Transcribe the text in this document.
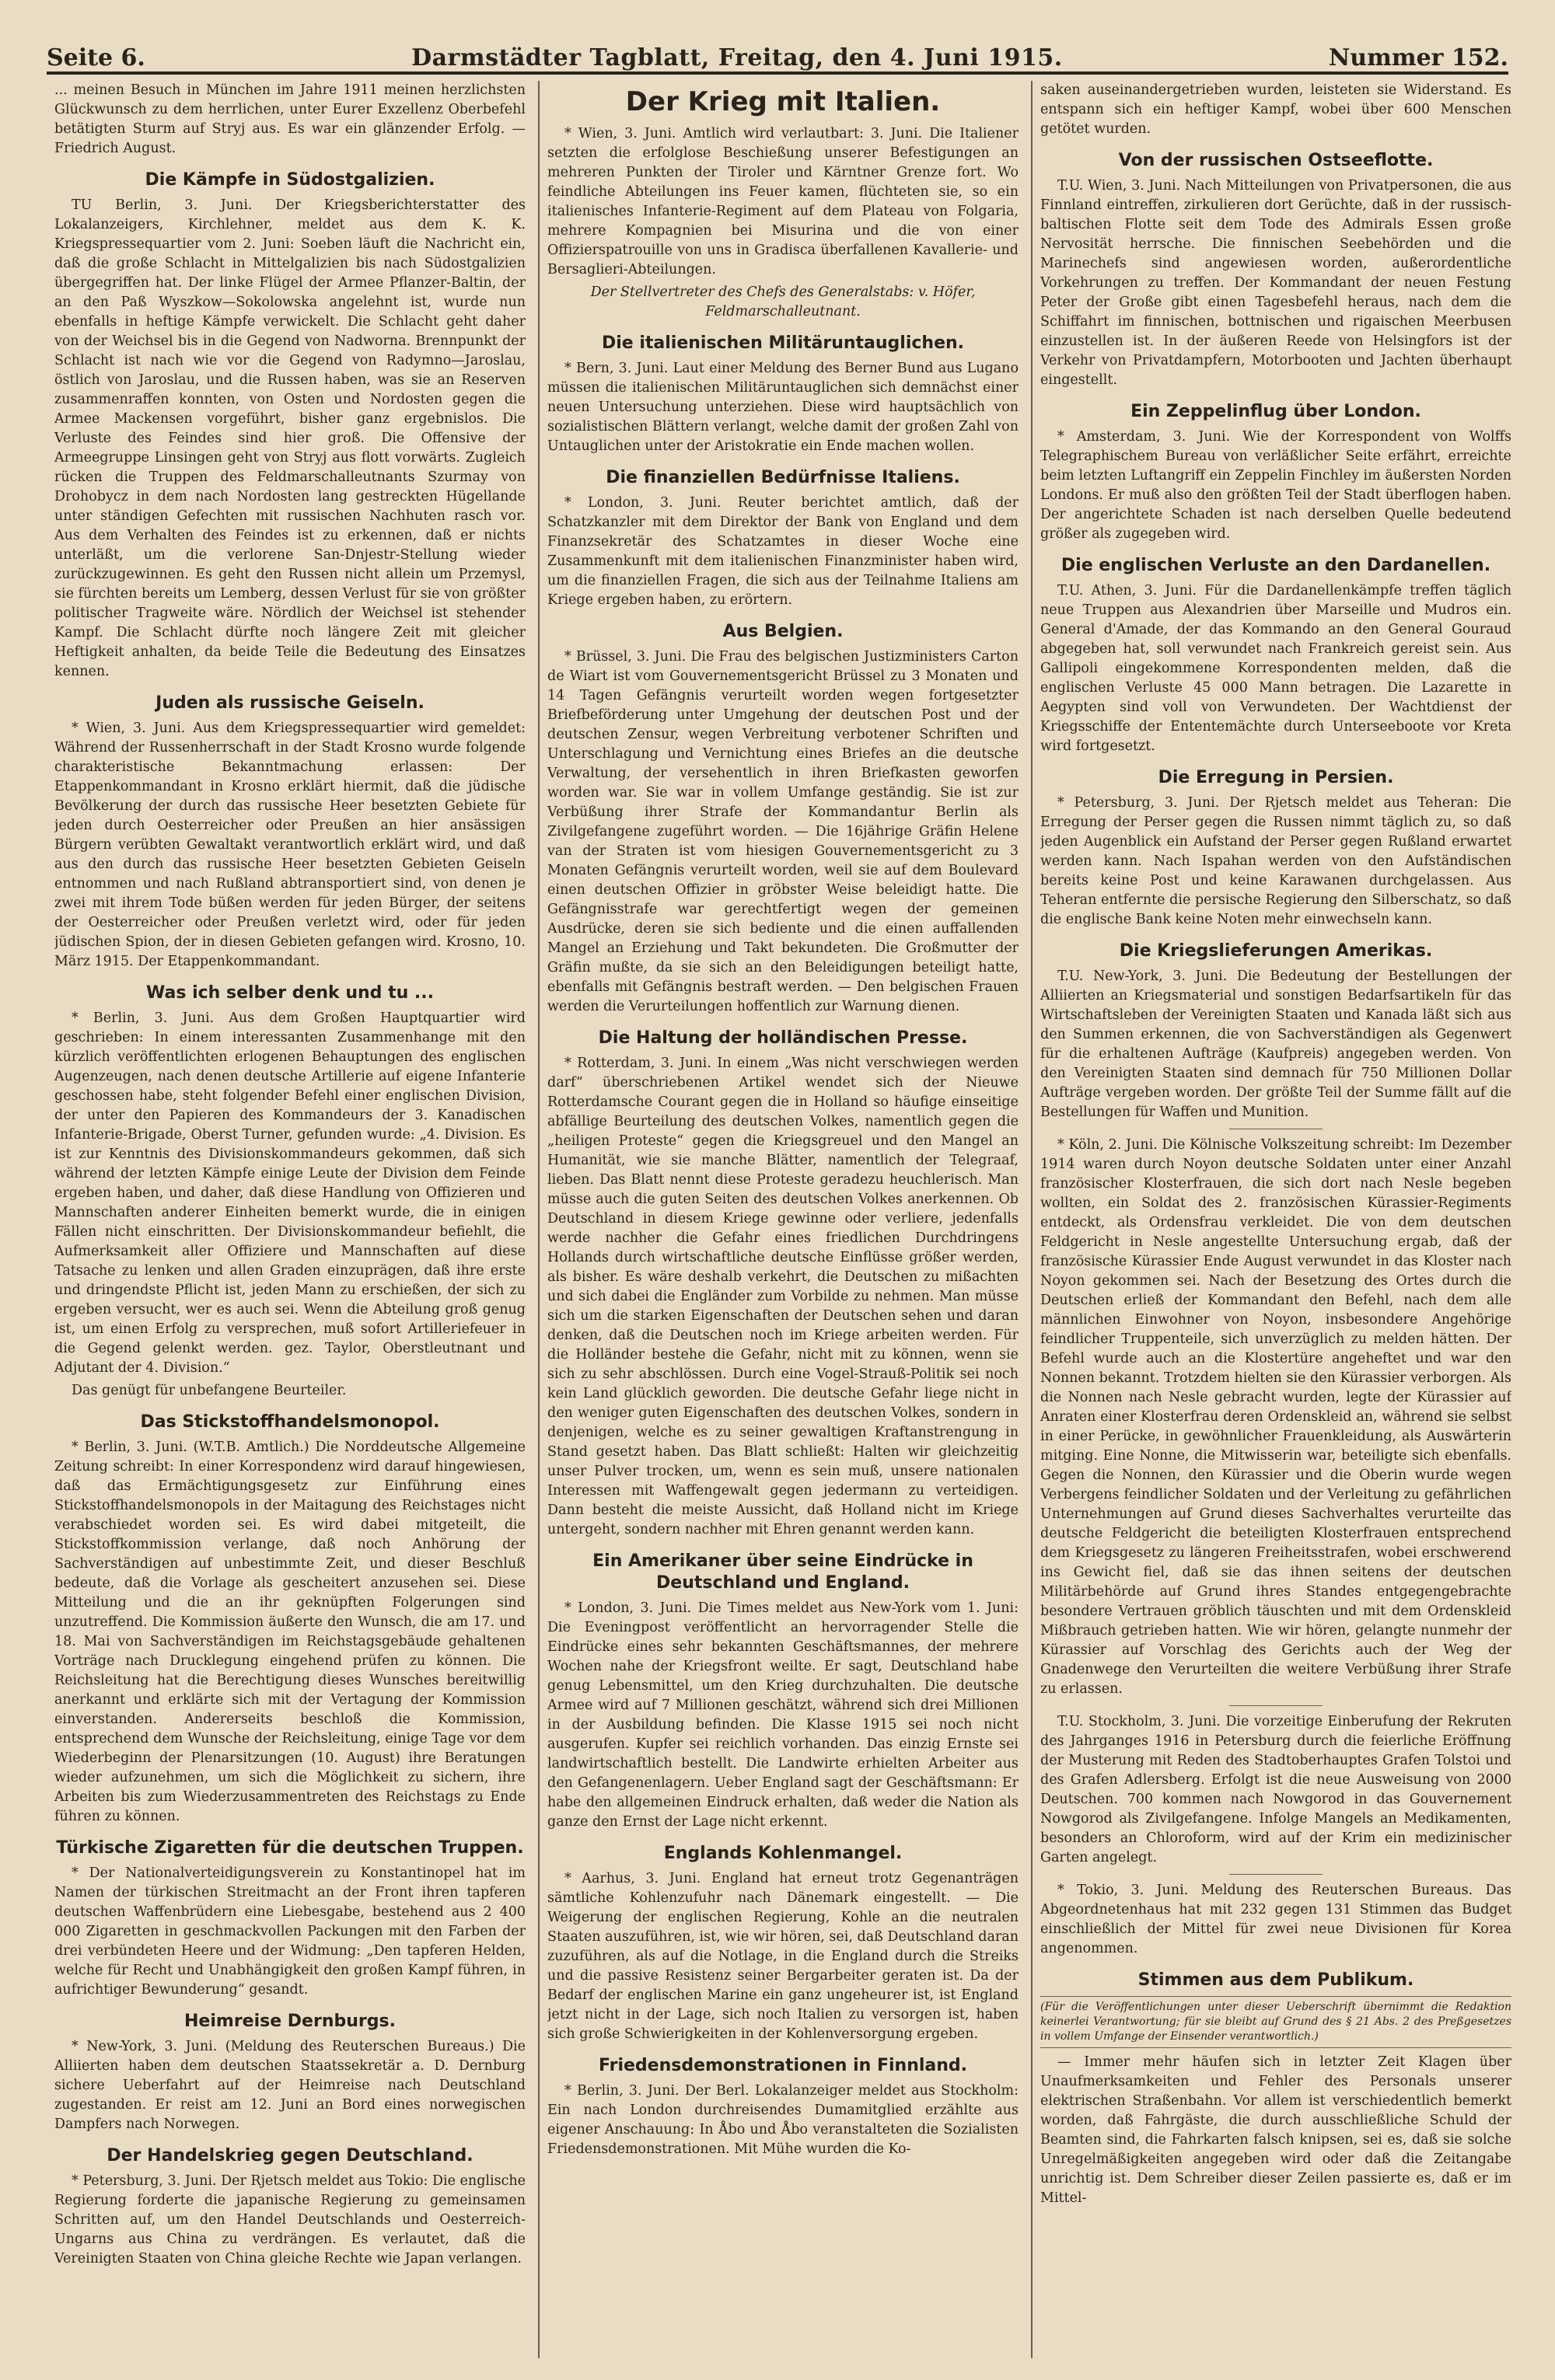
Seite 6.	Darmstädter Tagblatt, Freitag, den 4. Juni 1915.	Nummer 152.

... meinen Besuch in München im Jahre 1911 meinen herzlichsten Glückwunsch zu dem herrlichen, unter Eurer Exzellenz Oberbefehl betätigten Sturm auf Stryj aus. Es war ein glänzender Erfolg. — Friedrich August.

Die Kämpfe in Südostgalizien.

TU Berlin, 3. Juni. Der Kriegsberichterstatter des Lokalanzeigers, Kirchlehner, meldet aus dem K. K. Kriegspressequartier vom 2. Juni: Soeben läuft die Nachricht ein, daß die große Schlacht in Mittelgalizien bis nach Südostgalizien übergegriffen hat. Der linke Flügel der Armee Pflanzer-Baltin, der an den Paß Wyszkow—Sokolowska angelehnt ist, wurde nun ebenfalls in heftige Kämpfe verwickelt. Die Schlacht geht daher von der Weichsel bis in die Gegend von Nadworna. Brennpunkt der Schlacht ist nach wie vor die Gegend von Radymno—Jaroslau, östlich von Jaroslau, und die Russen haben, was sie an Reserven zusammenraffen konnten, von Osten und Nordosten gegen die Armee Mackensen vorgeführt, bisher ganz ergebnislos. Die Verluste des Feindes sind hier groß. Die Offensive der Armeegruppe Linsingen geht von Stryj aus flott vorwärts. Zugleich rücken die Truppen des Feldmarschalleutnants Szurmay von Drohobycz in dem nach Nordosten lang gestreckten Hügellande unter ständigen Gefechten mit russischen Nachhuten rasch vor. Aus dem Verhalten des Feindes ist zu erkennen, daß er nichts unterläßt, um die verlorene San-Dnjestr-Stellung wieder zurückzugewinnen. Es geht den Russen nicht allein um Przemysl, sie fürchten bereits um Lemberg, dessen Verlust für sie von größter politischer Tragweite wäre. Nördlich der Weichsel ist stehender Kampf. Die Schlacht dürfte noch längere Zeit mit gleicher Heftigkeit anhalten, da beide Teile die Bedeutung des Einsatzes kennen.

Juden als russische Geiseln.

* Wien, 3. Juni. Aus dem Kriegspressequartier wird gemeldet: Während der Russenherrschaft in der Stadt Krosno wurde folgende charakteristische Bekanntmachung erlassen: Der Etappenkommandant in Krosno erklärt hiermit, daß die jüdische Bevölkerung der durch das russische Heer besetzten Gebiete für jeden durch Oesterreicher oder Preußen an hier ansässigen Bürgern verübten Gewaltakt verantwortlich erklärt wird, und daß aus den durch das russische Heer besetzten Gebieten Geiseln entnommen und nach Rußland abtransportiert sind, von denen je zwei mit ihrem Tode büßen werden für jeden Bürger, der seitens der Oesterreicher oder Preußen verletzt wird, oder für jeden jüdischen Spion, der in diesen Gebieten gefangen wird. Krosno, 10. März 1915. Der Etappenkommandant.

Was ich selber denk und tu ...

* Berlin, 3. Juni. Aus dem Großen Hauptquartier wird geschrieben: In einem interessanten Zusammenhange mit den kürzlich veröffentlichten erlogenen Behauptungen des englischen Augenzeugen, nach denen deutsche Artillerie auf eigene Infanterie geschossen habe, steht folgender Befehl einer englischen Division, der unter den Papieren des Kommandeurs der 3. Kanadischen Infanterie-Brigade, Oberst Turner, gefunden wurde: „4. Division. Es ist zur Kenntnis des Divisionskommandeurs gekommen, daß sich während der letzten Kämpfe einige Leute der Division dem Feinde ergeben haben, und daher, daß diese Handlung von Offizieren und Mannschaften anderer Einheiten bemerkt wurde, die in einigen Fällen nicht einschritten. Der Divisionskommandeur befiehlt, die Aufmerksamkeit aller Offiziere und Mannschaften auf diese Tatsache zu lenken und allen Graden einzuprägen, daß ihre erste und dringendste Pflicht ist, jeden Mann zu erschießen, der sich zu ergeben versucht, wer es auch sei. Wenn die Abteilung groß genug ist, um einen Erfolg zu versprechen, muß sofort Artilleriefeuer in die Gegend gelenkt werden. gez. Taylor, Oberstleutnant und Adjutant der 4. Division.“

Das genügt für unbefangene Beurteiler.

Das Stickstoffhandelsmonopol.

* Berlin, 3. Juni. (W.T.B. Amtlich.) Die Norddeutsche Allgemeine Zeitung schreibt: In einer Korrespondenz wird darauf hingewiesen, daß das Ermächtigungsgesetz zur Einführung eines Stickstoffhandelsmonopols in der Maitagung des Reichstages nicht verabschiedet worden sei. Es wird dabei mitgeteilt, die Stickstoffkommission verlange, daß noch Anhörung der Sachverständigen auf unbestimmte Zeit, und dieser Beschluß bedeute, daß die Vorlage als gescheitert anzusehen sei. Diese Mitteilung und die an ihr geknüpften Folgerungen sind unzutreffend. Die Kommission äußerte den Wunsch, die am 17. und 18. Mai von Sachverständigen im Reichstagsgebäude gehaltenen Vorträge nach Drucklegung eingehend prüfen zu können. Die Reichsleitung hat die Berechtigung dieses Wunsches bereitwillig anerkannt und erklärte sich mit der Vertagung der Kommission einverstanden. Andererseits beschloß die Kommission, entsprechend dem Wunsche der Reichsleitung, einige Tage vor dem Wiederbeginn der Plenarsitzungen (10. August) ihre Beratungen wieder aufzunehmen, um sich die Möglichkeit zu sichern, ihre Arbeiten bis zum Wiederzusammentreten des Reichstags zu Ende führen zu können.

Türkische Zigaretten für die deutschen Truppen.

* Der Nationalverteidigungsverein zu Konstantinopel hat im Namen der türkischen Streitmacht an der Front ihren tapferen deutschen Waffenbrüdern eine Liebesgabe, bestehend aus 2 400 000 Zigaretten in geschmackvollen Packungen mit den Farben der drei verbündeten Heere und der Widmung: „Den tapferen Helden, welche für Recht und Unabhängigkeit den großen Kampf führen, in aufrichtiger Bewunderung“ gesandt.

Heimreise Dernburgs.

* New-York, 3. Juni. (Meldung des Reuterschen Bureaus.) Die Alliierten haben dem deutschen Staatssekretär a. D. Dernburg sichere Ueberfahrt auf der Heimreise nach Deutschland zugestanden. Er reist am 12. Juni an Bord eines norwegischen Dampfers nach Norwegen.

Der Handelskrieg gegen Deutschland.

* Petersburg, 3. Juni. Der Rjetsch meldet aus Tokio: Die englische Regierung forderte die japanische Regierung zu gemeinsamen Schritten auf, um den Handel Deutschlands und Oesterreich-Ungarns aus China zu verdrängen. Es verlautet, daß die Vereinigten Staaten von China gleiche Rechte wie Japan verlangen.

Der Krieg mit Italien.

* Wien, 3. Juni. Amtlich wird verlautbart: 3. Juni. Die Italiener setzten die erfolglose Beschießung unserer Befestigungen an mehreren Punkten der Tiroler und Kärntner Grenze fort. Wo feindliche Abteilungen ins Feuer kamen, flüchteten sie, so ein italienisches Infanterie-Regiment auf dem Plateau von Folgaria, mehrere Kompagnien bei Misurina und die von einer Offizierspatrouille von uns in Gradisca überfallenen Kavallerie- und Bersaglieri-Abteilungen.

Der Stellvertreter des Chefs des Generalstabs: v. Höfer, Feldmarschalleutnant.

Die italienischen Militäruntauglichen.

* Bern, 3. Juni. Laut einer Meldung des Berner Bund aus Lugano müssen die italienischen Militäruntauglichen sich demnächst einer neuen Untersuchung unterziehen. Diese wird hauptsächlich von sozialistischen Blättern verlangt, welche damit der großen Zahl von Untauglichen unter der Aristokratie ein Ende machen wollen.

Die finanziellen Bedürfnisse Italiens.

* London, 3. Juni. Reuter berichtet amtlich, daß der Schatzkanzler mit dem Direktor der Bank von England und dem Finanzsekretär des Schatzamtes in dieser Woche eine Zusammenkunft mit dem italienischen Finanzminister haben wird, um die finanziellen Fragen, die sich aus der Teilnahme Italiens am Kriege ergeben haben, zu erörtern.

Aus Belgien.

* Brüssel, 3. Juni. Die Frau des belgischen Justizministers Carton de Wiart ist vom Gouvernementsgericht Brüssel zu 3 Monaten und 14 Tagen Gefängnis verurteilt worden wegen fortgesetzter Briefbeförderung unter Umgehung der deutschen Post und der deutschen Zensur, wegen Verbreitung verbotener Schriften und Unterschlagung und Vernichtung eines Briefes an die deutsche Verwaltung, der versehentlich in ihren Briefkasten geworfen worden war. Sie war in vollem Umfange geständig. Sie ist zur Verbüßung ihrer Strafe der Kommandantur Berlin als Zivilgefangene zugeführt worden. — Die 16jährige Gräfin Helene van der Straten ist vom hiesigen Gouvernementsgericht zu 3 Monaten Gefängnis verurteilt worden, weil sie auf dem Boulevard einen deutschen Offizier in gröbster Weise beleidigt hatte. Die Gefängnisstrafe war gerechtfertigt wegen der gemeinen Ausdrücke, deren sie sich bediente und die einen auffallenden Mangel an Erziehung und Takt bekundeten. Die Großmutter der Gräfin mußte, da sie sich an den Beleidigungen beteiligt hatte, ebenfalls mit Gefängnis bestraft werden. — Den belgischen Frauen werden die Verurteilungen hoffentlich zur Warnung dienen.

Die Haltung der holländischen Presse.

* Rotterdam, 3. Juni. In einem „Was nicht verschwiegen werden darf“ überschriebenen Artikel wendet sich der Nieuwe Rotterdamsche Courant gegen die in Holland so häufige einseitige abfällige Beurteilung des deutschen Volkes, namentlich gegen die „heiligen Proteste“ gegen die Kriegsgreuel und den Mangel an Humanität, wie sie manche Blätter, namentlich der Telegraaf, lieben. Das Blatt nennt diese Proteste geradezu heuchlerisch. Man müsse auch die guten Seiten des deutschen Volkes anerkennen. Ob Deutschland in diesem Kriege gewinne oder verliere, jedenfalls werde nachher die Gefahr eines friedlichen Durchdringens Hollands durch wirtschaftliche deutsche Einflüsse größer werden, als bisher. Es wäre deshalb verkehrt, die Deutschen zu mißachten und sich dabei die Engländer zum Vorbilde zu nehmen. Man müsse sich um die starken Eigenschaften der Deutschen sehen und daran denken, daß die Deutschen noch im Kriege arbeiten werden. Für die Holländer bestehe die Gefahr, nicht mit zu können, wenn sie sich zu sehr abschlössen. Durch eine Vogel-Strauß-Politik sei noch kein Land glücklich geworden. Die deutsche Gefahr liege nicht in den weniger guten Eigenschaften des deutschen Volkes, sondern in denjenigen, welche es zu seiner gewaltigen Kraftanstrengung in Stand gesetzt haben. Das Blatt schließt: Halten wir gleichzeitig unser Pulver trocken, um, wenn es sein muß, unsere nationalen Interessen mit Waffengewalt gegen jedermann zu verteidigen. Dann besteht die meiste Aussicht, daß Holland nicht im Kriege untergeht, sondern nachher mit Ehren genannt werden kann.

Ein Amerikaner über seine Eindrücke in Deutschland und England.

* London, 3. Juni. Die Times meldet aus New-York vom 1. Juni: Die Eveningpost veröffentlicht an hervorragender Stelle die Eindrücke eines sehr bekannten Geschäftsmannes, der mehrere Wochen nahe der Kriegsfront weilte. Er sagt, Deutschland habe genug Lebensmittel, um den Krieg durchzuhalten. Die deutsche Armee wird auf 7 Millionen geschätzt, während sich drei Millionen in der Ausbildung befinden. Die Klasse 1915 sei noch nicht ausgerufen. Kupfer sei reichlich vorhanden. Das einzig Ernste sei landwirtschaftlich bestellt. Die Landwirte erhielten Arbeiter aus den Gefangenenlagern. Ueber England sagt der Geschäftsmann: Er habe den allgemeinen Eindruck erhalten, daß weder die Nation als ganze den Ernst der Lage nicht erkennt.

Englands Kohlenmangel.

* Aarhus, 3. Juni. England hat erneut trotz Gegenanträgen sämtliche Kohlenzufuhr nach Dänemark eingestellt. — Die Weigerung der englischen Regierung, Kohle an die neutralen Staaten auszuführen, ist, wie wir hören, sei, daß Deutschland daran zuzuführen, als auf die Notlage, in die England durch die Streiks und die passive Resistenz seiner Bergarbeiter geraten ist. Da der Bedarf der englischen Marine ein ganz ungeheurer ist, ist England jetzt nicht in der Lage, sich noch Italien zu versorgen ist, haben sich große Schwierigkeiten in der Kohlenversorgung ergeben.

Friedensdemonstrationen in Finnland.

* Berlin, 3. Juni. Der Berl. Lokalanzeiger meldet aus Stockholm: Ein nach London durchreisendes Dumamitglied erzählte aus eigener Anschauung: In Åbo und Åbo veranstalteten die Sozialisten Friedensdemonstrationen. Mit Mühe wurden die Ko-

saken auseinandergetrieben wurden, leisteten sie Widerstand. Es entspann sich ein heftiger Kampf, wobei über 600 Menschen getötet wurden.

Von der russischen Ostseeflotte.

T.U. Wien, 3. Juni. Nach Mitteilungen von Privatpersonen, die aus Finnland eintreffen, zirkulieren dort Gerüchte, daß in der russisch-baltischen Flotte seit dem Tode des Admirals Essen große Nervosität herrsche. Die finnischen Seebehörden und die Marinechefs sind angewiesen worden, außerordentliche Vorkehrungen zu treffen. Der Kommandant der neuen Festung Peter der Große gibt einen Tagesbefehl heraus, nach dem die Schiffahrt im finnischen, bottnischen und rigaischen Meerbusen einzustellen ist. In der äußeren Reede von Helsingfors ist der Verkehr von Privatdampfern, Motorbooten und Jachten überhaupt eingestellt.

Ein Zeppelinflug über London.

* Amsterdam, 3. Juni. Wie der Korrespondent von Wolffs Telegraphischem Bureau von verläßlicher Seite erfährt, erreichte beim letzten Luftangriff ein Zeppelin Finchley im äußersten Norden Londons. Er muß also den größten Teil der Stadt überflogen haben. Der angerichtete Schaden ist nach derselben Quelle bedeutend größer als zugegeben wird.

Die englischen Verluste an den Dardanellen.

T.U. Athen, 3. Juni. Für die Dardanellenkämpfe treffen täglich neue Truppen aus Alexandrien über Marseille und Mudros ein. General d'Amade, der das Kommando an den General Gouraud abgegeben hat, soll verwundet nach Frankreich gereist sein. Aus Gallipoli eingekommene Korrespondenten melden, daß die englischen Verluste 45 000 Mann betragen. Die Lazarette in Aegypten sind voll von Verwundeten. Der Wachtdienst der Kriegsschiffe der Ententemächte durch Unterseeboote vor Kreta wird fortgesetzt.

Die Erregung in Persien.

* Petersburg, 3. Juni. Der Rjetsch meldet aus Teheran: Die Erregung der Perser gegen die Russen nimmt täglich zu, so daß jeden Augenblick ein Aufstand der Perser gegen Rußland erwartet werden kann. Nach Ispahan werden von den Aufständischen bereits keine Post und keine Karawanen durchgelassen. Aus Teheran entfernte die persische Regierung den Silberschatz, so daß die englische Bank keine Noten mehr einwechseln kann.

Die Kriegslieferungen Amerikas.

T.U. New-York, 3. Juni. Die Bedeutung der Bestellungen der Alliierten an Kriegsmaterial und sonstigen Bedarfsartikeln für das Wirtschaftsleben der Vereinigten Staaten und Kanada läßt sich aus den Summen erkennen, die von Sachverständigen als Gegenwert für die erhaltenen Aufträge (Kaufpreis) angegeben werden. Von den Vereinigten Staaten sind demnach für 750 Millionen Dollar Aufträge vergeben worden. Der größte Teil der Summe fällt auf die Bestellungen für Waffen und Munition.

* Köln, 2. Juni. Die Kölnische Volkszeitung schreibt: Im Dezember 1914 waren durch Noyon deutsche Soldaten unter einer Anzahl französischer Klosterfrauen, die sich dort nach Nesle begeben wollten, ein Soldat des 2. französischen Kürassier-Regiments entdeckt, als Ordensfrau verkleidet. Die von dem deutschen Feldgericht in Nesle angestellte Untersuchung ergab, daß der französische Kürassier Ende August verwundet in das Kloster nach Noyon gekommen sei. Nach der Besetzung des Ortes durch die Deutschen erließ der Kommandant den Befehl, nach dem alle männlichen Einwohner von Noyon, insbesondere Angehörige feindlicher Truppenteile, sich unverzüglich zu melden hätten. Der Befehl wurde auch an die Klostertüre angeheftet und war den Nonnen bekannt. Trotzdem hielten sie den Kürassier verborgen. Als die Nonnen nach Nesle gebracht wurden, legte der Kürassier auf Anraten einer Klosterfrau deren Ordenskleid an, während sie selbst in einer Perücke, in gewöhnlicher Frauenkleidung, als Auswärterin mitging. Eine Nonne, die Mitwisserin war, beteiligte sich ebenfalls. Gegen die Nonnen, den Kürassier und die Oberin wurde wegen Verbergens feindlicher Soldaten und der Verleitung zu gefährlichen Unternehmungen auf Grund dieses Sachverhaltes verurteilte das deutsche Feldgericht die beteiligten Klosterfrauen entsprechend dem Kriegsgesetz zu längeren Freiheitsstrafen, wobei erschwerend ins Gewicht fiel, daß sie das ihnen seitens der deutschen Militärbehörde auf Grund ihres Standes entgegengebrachte besondere Vertrauen gröblich täuschten und mit dem Ordenskleid Mißbrauch getrieben hatten. Wie wir hören, gelangte nunmehr der Kürassier auf Vorschlag des Gerichts auch der Weg der Gnadenwege den Verurteilten die weitere Verbüßung ihrer Strafe zu erlassen.

T.U. Stockholm, 3. Juni. Die vorzeitige Einberufung der Rekruten des Jahrganges 1916 in Petersburg durch die feierliche Eröffnung der Musterung mit Reden des Stadtoberhauptes Grafen Tolstoi und des Grafen Adlersberg. Erfolgt ist die neue Ausweisung von 2000 Deutschen. 700 kommen nach Nowgorod in das Gouvernement Nowgorod als Zivilgefangene. Infolge Mangels an Medikamenten, besonders an Chloroform, wird auf der Krim ein medizinischer Garten angelegt.

* Tokio, 3. Juni. Meldung des Reuterschen Bureaus. Das Abgeordnetenhaus hat mit 232 gegen 131 Stimmen das Budget einschließlich der Mittel für zwei neue Divisionen für Korea angenommen.

Stimmen aus dem Publikum.

(Für die Veröffentlichungen unter dieser Ueberschrift übernimmt die Redaktion keinerlei Verantwortung; für sie bleibt auf Grund des § 21 Abs. 2 des Preßgesetzes in vollem Umfange der Einsender verantwortlich.)

— Immer mehr häufen sich in letzter Zeit Klagen über Unaufmerksamkeiten und Fehler des Personals unserer elektrischen Straßenbahn. Vor allem ist verschiedentlich bemerkt worden, daß Fahrgäste, die durch ausschließliche Schuld der Beamten sind, die Fahrkarten falsch knipsen, sei es, daß sie solche Unregelmäßigkeiten angegeben wird oder daß die Zeitangabe unrichtig ist. Dem Schreiber dieser Zeilen passierte es, daß er im Mittel-
